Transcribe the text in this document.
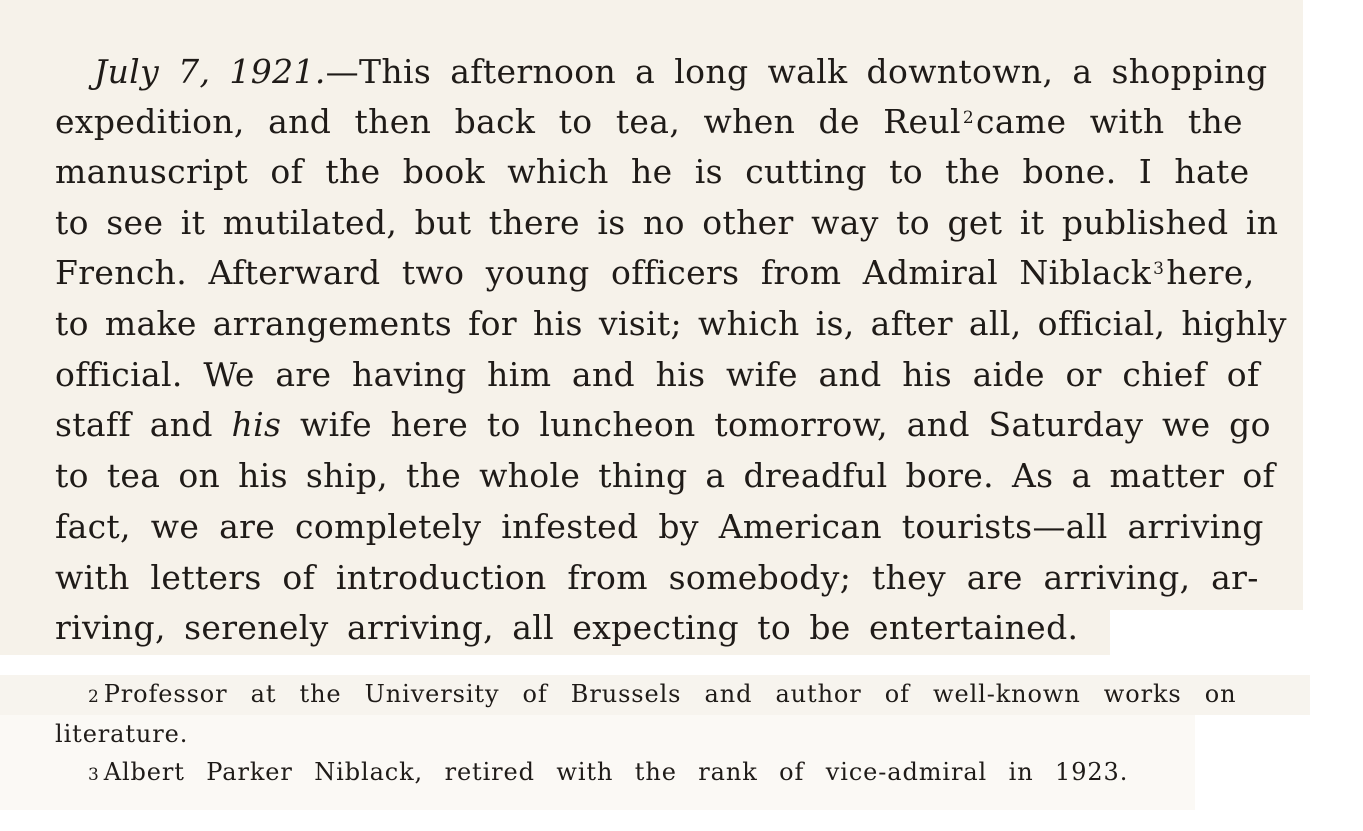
July 7, 1921.—This afternoon a long walk downtown, a shopping
expedition, and then back to tea, when de Reul $^2$came with the
manuscript of the book which he is cutting to the bone. I hate
to see it mutilated, but there is no other way to get it published in
French. Afterward two young officers from Admiral Niblack $^3$here,
to make arrangements for his visit; which is, after all, official, highly
official. We are having him and his wife and his aide or chief of
staff and his wife here to luncheon tomorrow, and Saturday we go
to tea on his ship, the whole thing a dreadful bore. As a matter of
fact, we are completely infested by American tourists—all arriving
with letters of introduction from somebody; they are arriving, ar-
riving, serenely arriving, all expecting to be entertained.
2 Professor at the University of Brussels and author of well-known works on
literature.
3 Albert Parker Niblack, retired with the rank of vice-admiral in 1923.
